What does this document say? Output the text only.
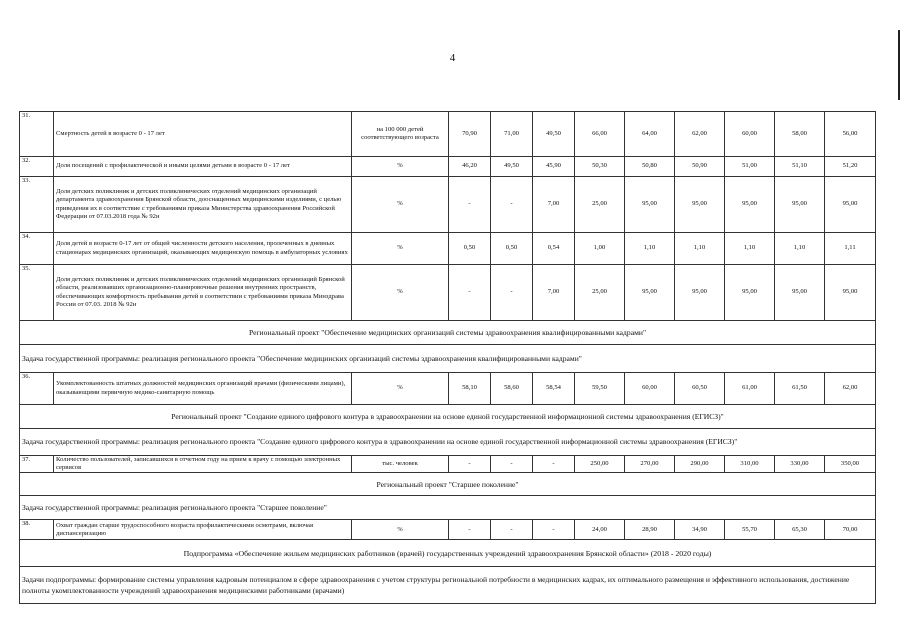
4
31.	Смертность детей в возрасте 0 - 17 лет	на 100 000 детей соответствующего возраста	70,90	71,00	49,50	66,00	64,00	62,00	60,00	58,00	56,00
32.	Доля посещений с профилактической и иными целями детьми в возрасте 0 - 17 лет	%	46,20	49,50	45,90	50,30	50,80	50,90	51,00	51,10	51,20
33.	Доля детских поликлиник и детских поликлинических отделений медицинских организаций департамента здравоохранения Брянской области, дооснащенных медицинскими изделиями, с целью приведения их в соответствие с требованиями приказа Министерства здравоохранения Российской Федерации от 07.03.2018 года № 92н	%	-	-	7,00	25,00	95,00	95,00	95,00	95,00	95,00
34.	Доля детей в возрасте 0-17 лет от общей численности детского населения, пролеченных в дневных стационарах медицинских организаций, оказывающих медицинскую помощь в амбулаторных условиях	%	0,50	0,50	0,54	1,00	1,10	1,10	1,10	1,10	1,11
35.	Доля детских поликлиник и детских поликлинических отделений медицинских организаций Брянской области, реализовавших организационно-планировочные решения внутренних пространств, обеспечивающих комфортность пребывания детей в соответствии с требованиями приказа Минздрава России от 07.03. 2018 № 92н	%	-	-	7,00	25,00	95,00	95,00	95,00	95,00	95,00
Региональный проект "Обеспечение медицинских организаций системы здравоохранения квалифицированными кадрами"											
Задача государственной программы: реализация регионального проекта "Обеспечение медицинских организаций системы здравоохранения квалифицированными кадрами"											
36.	Укомплектованность штатных должностей медицинских организаций врачами (физическими лицами), оказывающими первичную медико-санитарную помощь	%	58,10	58,60	58,54	59,50	60,00	60,50	61,00	61,50	62,00
Региональный проект "Создание единого цифрового контура в здравоохранении на основе единой государственной информационной системы здравоохранения (ЕГИСЗ)"											
Задача государственной программы: реализация регионального проекта "Создание единого цифрового контура в здравоохранении на основе единой государственной информационной системы здравоохранения (ЕГИСЗ)"											
37.	Количество пользователей, записавшихся в отчетном году на прием к врачу с помощью электронных сервисов	тыс. человек	-	-	-	250,00	270,00	290,00	310,00	330,00	350,00
Региональный проект "Старшее поколение"											
Задача государственной программы: реализация регионального проекта "Старшее поколение"											
38.	Охват граждан старше трудоспособного возраста профилактическими осмотрами, включая диспансеризацию	%	-	-	-	24,00	28,90	34,90	55,70	65,30	70,00
Подпрограмма «Обеспечение жильем медицинских работников (врачей) государственных учреждений здравоохранения Брянской области» (2018 - 2020 годы)											
Задачи подпрограммы: формирование системы управления кадровым потенциалом в сфере здравоохранения с учетом структуры региональной потребности в медицинских кадрах, их оптимального размещения и эффективного использования, достижение полноты укомплектованности учреждений здравоохранения медицинскими работниками (врачами)											
